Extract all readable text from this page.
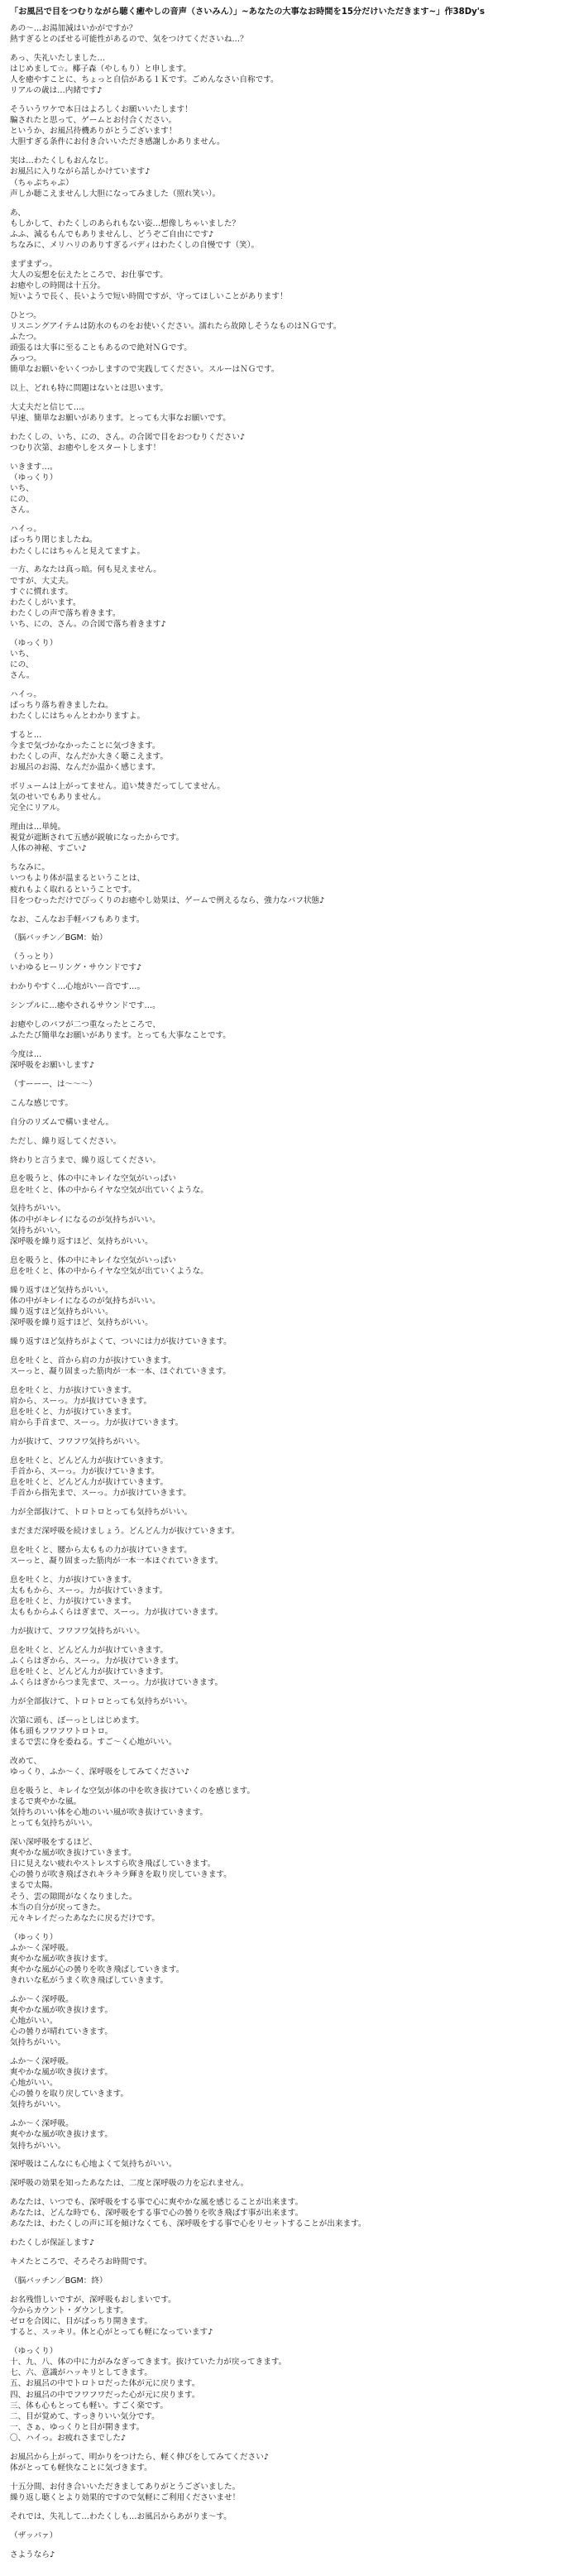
「お風呂で目をつむりながら聴く癒やしの音声（さいみん）」~あなたの大事なお時間を15分だけいただきます~」作38Dy's

あの～…お湯加減はいかがですか？
熱すぎるとのぼせる可能性があるので、気をつけてくださいね…？
あっ、失礼いたしました…
はじめまして☆。椰子森（やしもり）と申します。
人を癒やすことに、ちょっと自信がある１Ｋです。ごめんなさい自称です。
リアルの歳は…内緒です♪
そういうワケで本日はよろしくお願いいたします！
騙されたと思って、ゲームとお付合ください。
というか、お風呂待機ありがとうございます！
大胆すぎる条件にお付き合いいただき感謝しかありません。
実は…わたくしもおんなじ。
お風呂に入りながら話しかけています♪
（ちゃぷちゃぷ）
声しか聴こえませんし大胆になってみました（照れ笑い）。
あ、
もしかして、わたくしのあられもない姿…想像しちゃいました？
ふふ、減るもんでもありませんし、どうぞご自由にです♪
ちなみに、メリハリのありすぎるバディはわたくしの自慢です（笑）。
まずまずっ。
大人の妄想を伝えたところで、お仕事です。
お癒やしの時間は十五分。
短いようで長く、長いようで短い時間ですが、守ってほしいことがあります！
ひとつ。
リスニングアイテムは防水のものをお使いください。濡れたら故障しそうなものはＮＧです。
ふたつ。
頭張るは大事に至ることもあるので絶対ＮＧです。
みっつ。
簡単なお願いをいくつかしますので実践してください。スルーはＮＧです。
以上、どれも特に問題はないとは思います。
大丈夫だと信じて…。
早速、簡単なお願いがあります。とっても大事なお願いです。
わたくしの、いち、にの、さん。の合図で目をおつむりください♪
つむり次第、お癒やしをスタートします！
いきます…。
（ゆっくり）
いち、
にの、
さん。
ハイっ。
ばっちり閉じましたね。
わたくしにはちゃんと見えてますよ。
一方、あなたは真っ暗。何も見えません。
ですが、大丈夫。
すぐに慣れます。
わたくしがいます。
わたくしの声で落ち着きます。
いち、にの、さん。の合図で落ち着きます♪
（ゆっくり）
いち、
にの、
さん。
ハイっ。
ばっちり落ち着きましたね。
わたくしにはちゃんとわかりますよ。
すると…
今まで気づかなかったことに気づきます。
わたくしの声、なんだか大きく聴こえます。
お風呂のお湯、なんだか温かく感じます。
ボリュームは上がってません。追い焚きだってしてません。
気のせいでもありません。
完全にリアル。
理由は…単純。
視覚が遮断されて五感が鋭敏になったからです。
人体の神秘、すごい♪
ちなみに。
いつもより体が温まるということは、
疲れもよく取れるということです。
目をつむっただけでびっくりのお癒やし効果は、ゲームで例えるなら、強力なバフ状態♪
なお、こんなお手軽バフもあります。
（脳バッチン／BGM：始）
（うっとり）
いわゆるヒーリング・サウンドです♪
わかりやすく…心地がいー音です…。
シンプルに…癒やされるサウンドです…。
お癒やしのバフが二つ重なったところで、
ふたたび簡単なお願いがあります。とっても大事なことです。
今度は…
深呼吸をお願いします♪
（すーーー、は～～～）
こんな感じです。
自分のリズムで構いません。
ただし、繰り返してください。
終わりと言うまで、繰り返してください。
息を吸うと、体の中にキレイな空気がいっぱい
息を吐くと、体の中からイヤな空気が出ていくような。
気持ちがいい。
体の中がキレイになるのが気持ちがいい。
気持ちがいい。
深呼吸を繰り返すほど、気持ちがいい。
息を吸うと、体の中にキレイな空気がいっぱい
息を吐くと、体の中からイヤな空気が出ていくような。
繰り返すほど気持ちがいい。
体の中がキレイになるのが気持ちがいい。
繰り返すほど気持ちがいい。
深呼吸を繰り返すほど、気持ちがいい。
繰り返すほど気持ちがよくて、ついには力が抜けていきます。
息を吐くと、首から肩の力が抜けていきます。
スーっと、凝り固まった筋肉が一本一本、ほぐれていきます。
息を吐くと、力が抜けていきます。
肩から、スーっ。力が抜けていきます。
息を吐くと、力が抜けていきます。
肩から手首まで、スーっ。力が抜けていきます。
力が抜けて、フワフワ気持ちがいい。
息を吐くと、どんどん力が抜けていきます。
手首から、スーっ。力が抜けていきます。
息を吐くと、どんどん力が抜けていきます。
手首から指先まで、スーっ。力が抜けていきます。
力が全部抜けて、トロトロとっても気持ちがいい。
まだまだ深呼吸を続けましょう。どんどん力が抜けていきます。
息を吐くと、腰から太ももの力が抜けていきます。
スーっと、凝り固まった筋肉が一本一本ほぐれていきます。
息を吐くと、力が抜けていきます。
太ももから、スーっ。力が抜けていきます。
息を吐くと、力が抜けていきます。
太ももからふくらはぎまで、スーっ。力が抜けていきます。
力が抜けて、フワフワ気持ちがいい。
息を吐くと、どんどん力が抜けていきます。
ふくらはぎから、スーっ。力が抜けていきます。
息を吐くと、どんどん力が抜けていきます。
ふくらはぎからつま先まで、スーっ。力が抜けていきます。
力が全部抜けて、トロトロとっても気持ちがいい。
次第に頭も、ぼーっとしはじめます。
体も頭もフワフワトロトロ。
まるで雲に身を委ねる。すご～く心地がいい。
改めて、
ゆっくり、ふか～く、深呼吸をしてみてください♪
息を吸うと、キレイな空気が体の中を吹き抜けていくのを感じます。
まるで爽やかな風。
気持ちのいい体を心地のいい風が吹き抜けていきます。
とっても気持ちがいい。
深い深呼吸をするほど、
爽やかな風が吹き抜けていきます。
日に見えない疲れやストレスすら吹き飛ばしていきます。
心の曇りが吹き飛ばされキラキラ輝きを取り戻していきます。
まるで太陽。
そう、雲の隙間がなくなりました。
本当の自分が戻ってきた。
元々キレイだったあなたに戻るだけです。
（ゆっくり）
ふか～く深呼吸。
爽やかな風が吹き抜けます。
爽やかな風が心の曇りを吹き飛ばしていきます。
きれいな私がうまく吹き飛ばしていきます。
ふか～く深呼吸。
爽やかな風が吹き抜けます。
心地がいい。
心の曇りが晴れていきます。
気持ちがいい。
ふか～く深呼吸。
爽やかな風が吹き抜けます。
心地がいい。
心の曇りを取り戻していきます。
気持ちがいい。
ふか～く深呼吸。
爽やかな風が吹き抜けます。
気持ちがいい。
深呼吸はこんなにも心地よくて気持ちがいい。
深呼吸の効果を知ったあなたは、二度と深呼吸の力を忘れません。
あなたは、いつでも、深呼吸をする事で心に爽やかな風を感じることが出来ます。
あなたは、どんな時でも、深呼吸をする事で心の曇りを吹き飛ばす事が出来ます。
あなたは、わたくしの声に耳を傾けなくても、深呼吸をする事で心をリセットすることが出来ます。
わたくしが保証します♪
キメたところで、そろそろお時間です。
（脳バッチン／BGM：終）
お名残惜しいですが、深呼吸もおしまいです。
今からカウント・ダウンします。
ゼロを合図に、目がぱっちり開きます。
すると、スッキリ。体と心がとっても軽になっています♪
（ゆっくり）
十、九、八、体の中に力がみなぎってきます。抜けていた力が戻ってきます。
七、六、意識がハッキリとしてきます。
五、お風呂の中でトロトロだった体が元に戻ります。
四、お風呂の中でフワフワだった心が元に戻ります。
三、体も心もとっても軽い。すごく楽です。
二、目が覚めて、すっきりいい気分です。
一、さぁ、ゆっくりと目が開きます。
〇、ハイっ。お疲れさまでした♪
お風呂から上がって、明かりをつけたら、軽く伸びをしてみてください♪
体がとっても軽快なことに気づきます。
十五分間、お付き合いいただきましてありがとうございました。
繰り返し聴くとより効果的ですので気軽にご利用くださいませ！
それでは、失礼して…わたくしも…お風呂からあがりま～す。
（ザッパァ）
さようなら♪
